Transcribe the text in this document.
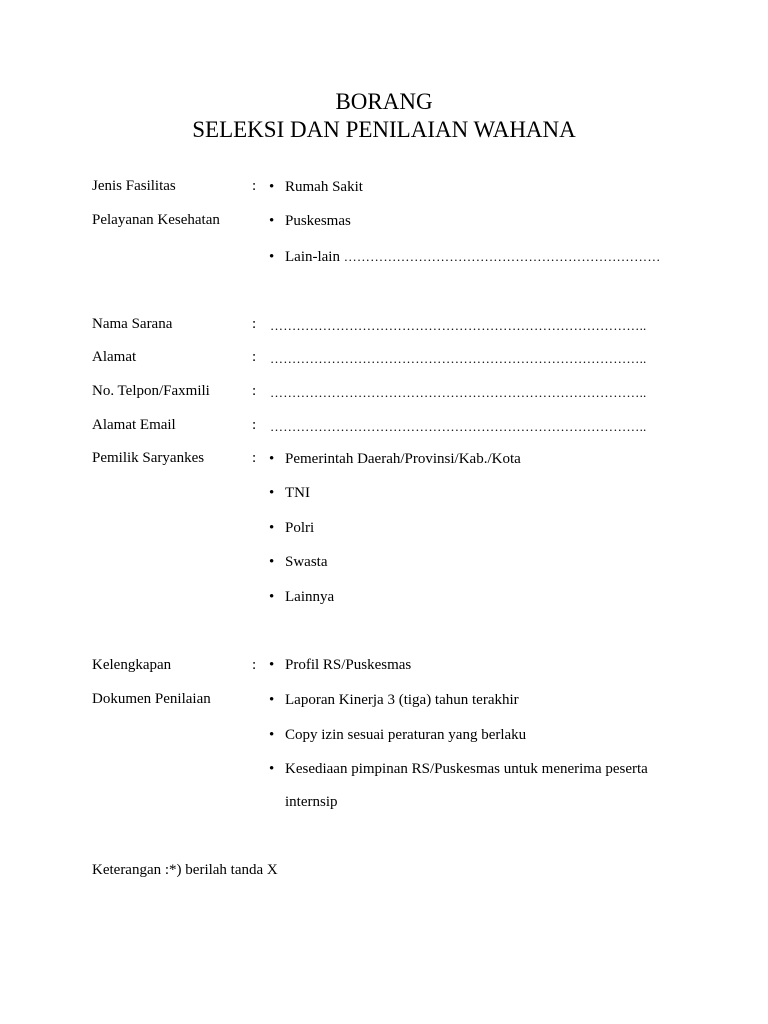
BORANG
SELEKSI DAN PENILAIAN WAHANA
Jenis Fasilitas
Pelayanan Kesehatan
: • Rumah Sakit
• Puskesmas
• Lain-lain ………………………………………………………………
Nama Sarana	: …………………………………………………………………………..
Alamat	: …………………………………………………………………………..
No. Telpon/Faxmili	: …………………………………………………………………………..
Alamat Email	: …………………………………………………………………………..
Pemilik Saryankes	: • Pemerintah Daerah/Provinsi/Kab./Kota
• TNI
• Polri
• Swasta
• Lainnya
Kelengkapan
Dokumen Penilaian
: • Profil RS/Puskesmas
• Laporan Kinerja 3 (tiga) tahun terakhir
• Copy izin sesuai peraturan yang berlaku
• Kesediaan pimpinan RS/Puskesmas untuk menerima peserta
internsip
Keterangan :*) berilah tanda X
